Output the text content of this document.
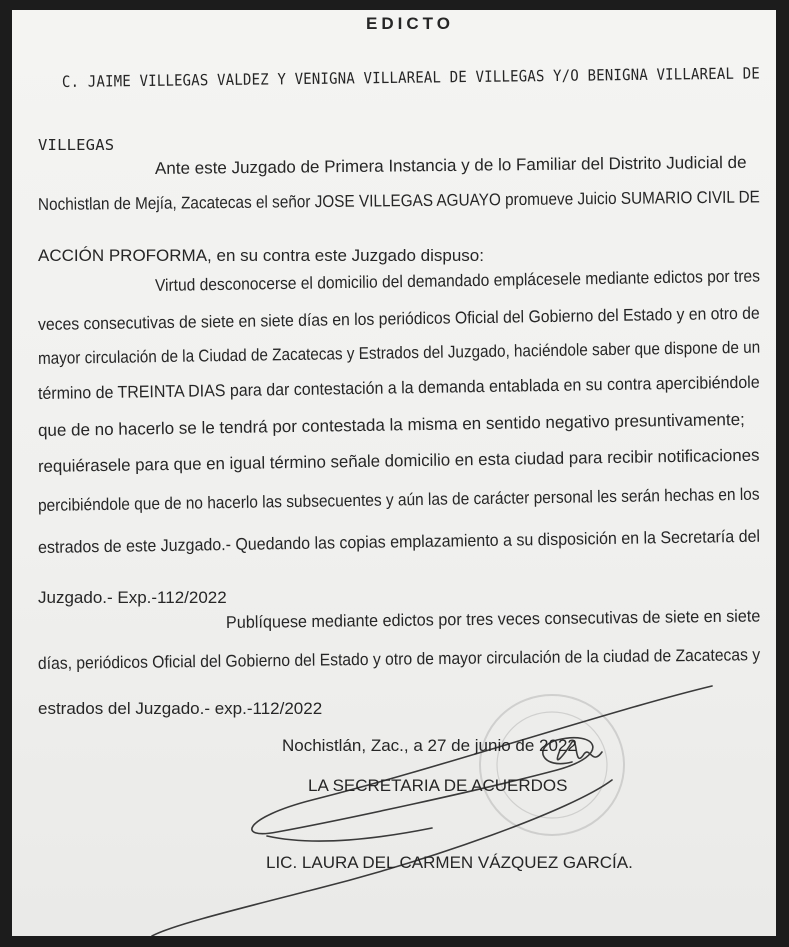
EDICTO
C. JAIME VILLEGAS VALDEZ Y VENIGNA VILLAREAL DE VILLEGAS Y/O BENIGNA VILLAREAL DE
VILLEGAS
Ante este Juzgado de Primera Instancia y de lo Familiar del Distrito Judicial de
Nochistlan de Mejía, Zacatecas el señor JOSE VILLEGAS AGUAYO promueve Juicio SUMARIO CIVIL DE
ACCIÓN PROFORMA, en su contra este Juzgado dispuso:
Virtud desconocerse el domicilio del demandado emplácesele mediante edictos por tres
veces consecutivas de siete en siete días en los periódicos Oficial del Gobierno del Estado y en otro de
mayor circulación de la Ciudad de Zacatecas y Estrados del Juzgado, haciéndole saber que dispone de un
término de TREINTA DIAS para dar contestación a la demanda entablada en su contra apercibiéndole
que de no hacerlo se le tendrá por contestada la misma en sentido negativo presuntivamente;
requiérasele para que en igual término señale domicilio en esta ciudad para recibir notificaciones
percibiéndole que de no hacerlo las subsecuentes y aún las de carácter personal les serán hechas en los
estrados de este Juzgado.- Quedando las copias emplazamiento a su disposición en la Secretaría del
Juzgado.- Exp.-112/2022
Publíquese mediante edictos por tres veces consecutivas de siete en siete
días, periódicos Oficial del Gobierno del Estado y otro de mayor circulación de la ciudad de Zacatecas y
estrados del Juzgado.- exp.-112/2022
Nochistlán, Zac., a 27 de junio de 2022
LA SECRETARIA DE ACUERDOS
LIC. LAURA DEL CARMEN VÁZQUEZ GARCÍA.
